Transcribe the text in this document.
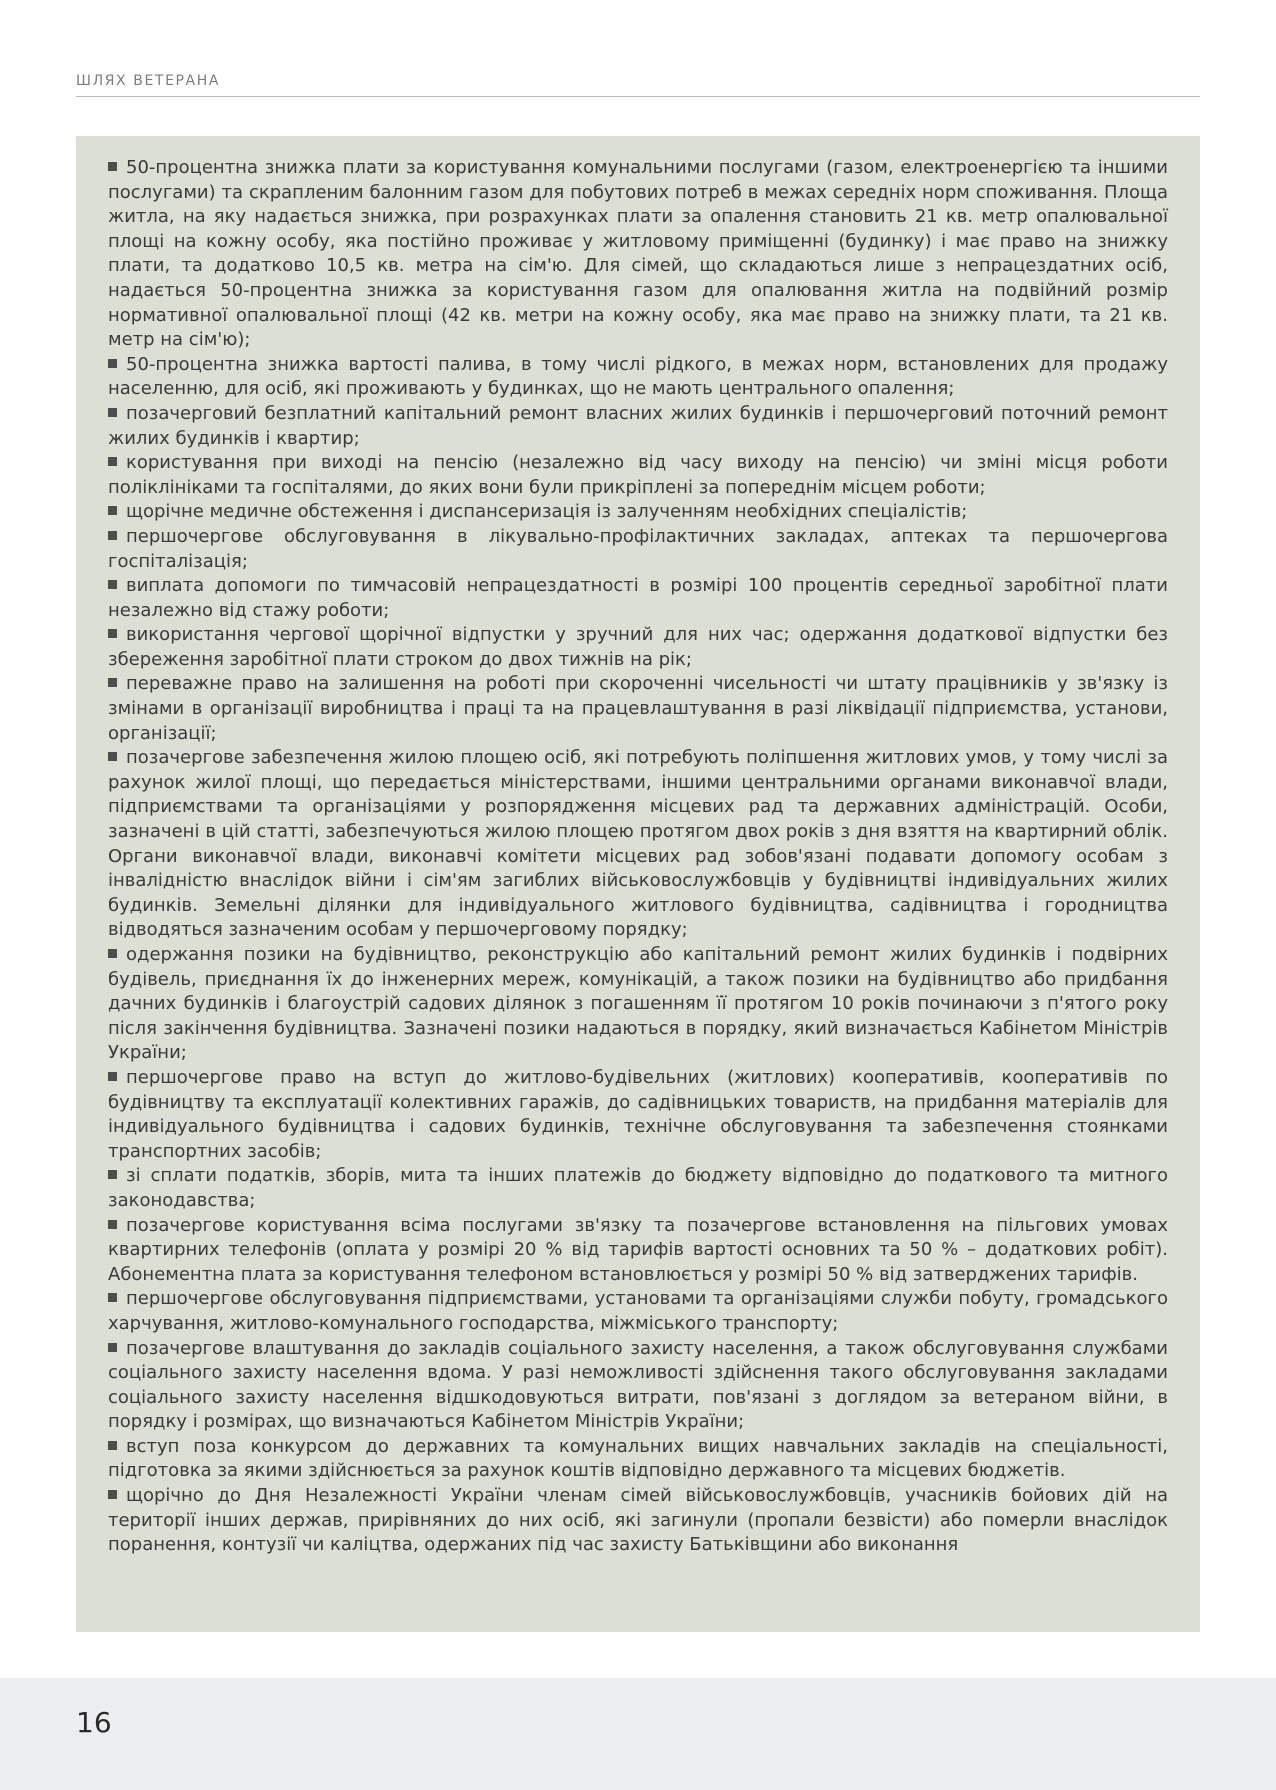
ШЛЯХ ВЕТЕРАНА
50-процентна знижка плати за користування комунальними послугами (газом, електроенергією та іншими послугами) та скрапленим балонним газом для побутових потреб в межах середніх норм споживання. Площа житла, на яку надається знижка, при розрахунках плати за опалення становить 21 кв. метр опалювальної площі на кожну особу, яка постійно проживає у житловому приміщенні (будинку) і має право на знижку плати, та додатково 10,5 кв. метра на сім'ю. Для сімей, що складаються лише з непрацездатних осіб, надається 50-процентна знижка за користування газом для опалювання житла на подвійний розмір нормативної опалювальної площі (42 кв. метри на кожну особу, яка має право на знижку плати, та 21 кв. метр на сім'ю);
50-процентна знижка вартості палива, в тому числі рідкого, в межах норм, встановлених для продажу населенню, для осіб, які проживають у будинках, що не мають центрального опалення;
позачерговий безплатний капітальний ремонт власних жилих будинків і першочерговий поточний ремонт жилих будинків і квартир;
користування при виході на пенсію (незалежно від часу виходу на пенсію) чи зміні місця роботи поліклініками та госпіталями, до яких вони були прикріплені за попереднім місцем роботи;
щорічне медичне обстеження і диспансеризація із залученням необхідних спеціалістів;
першочергове обслуговування в лікувально-профілактичних закладах, аптеках та першочергова госпіталізація;
виплата допомоги по тимчасовій непрацездатності в розмірі 100 процентів середньої заробітної плати незалежно від стажу роботи;
використання чергової щорічної відпустки у зручний для них час; одержання додаткової відпустки без збереження заробітної плати строком до двох тижнів на рік;
переважне право на залишення на роботі при скороченні чисельності чи штату працівників у зв'язку із змінами в організації виробництва і праці та на працевлаштування в разі ліквідації підприємства, установи, організації;
позачергове забезпечення жилою площею осіб, які потребують поліпшення житлових умов, у тому числі за рахунок жилої площі, що передається міністерствами, іншими центральними органами виконавчої влади, підприємствами та організаціями у розпорядження місцевих рад та державних адміністрацій. Особи, зазначені в цій статті, забезпечуються жилою площею протягом двох років з дня взяття на квартирний облік. Органи виконавчої влади, виконавчі комітети місцевих рад зобов'язані подавати допомогу особам з інвалідністю внаслідок війни і сім'ям загиблих військовослужбовців у будівництві індивідуальних жилих будинків. Земельні ділянки для індивідуального житлового будівництва, садівництва і городництва відводяться зазначеним особам у першочерговому порядку;
одержання позики на будівництво, реконструкцію або капітальний ремонт жилих будинків і подвірних будівель, приєднання їх до інженерних мереж, комунікацій, а також позики на будівництво або придбання дачних будинків і благоустрій садових ділянок з погашенням її протягом 10 років починаючи з п'ятого року після закінчення будівництва. Зазначені позики надаються в порядку, який визначається Кабінетом Міністрів України;
першочергове право на вступ до житлово-будівельних (житлових) кооперативів, кооперативів по будівництву та експлуатації колективних гаражів, до садівницьких товариств, на придбання матеріалів для індивідуального будівництва і садових будинків, технічне обслуговування та забезпечення стоянками транспортних засобів;
зі сплати податків, зборів, мита та інших платежів до бюджету відповідно до податкового та митного законодавства;
позачергове користування всіма послугами зв'язку та позачергове встановлення на пільгових умовах квартирних телефонів (оплата у розмірі 20 % від тарифів вартості основних та 50 % – додаткових робіт). Абонементна плата за користування телефоном встановлюється у розмірі 50 % від затверджених тарифів.
першочергове обслуговування підприємствами, установами та організаціями служби побуту, громадського харчування, житлово-комунального господарства, міжміського транспорту;
позачергове влаштування до закладів соціального захисту населення, а також обслуговування службами соціального захисту населення вдома. У разі неможливості здійснення такого обслуговування закладами соціального захисту населення відшкодовуються витрати, пов'язані з доглядом за ветераном війни, в порядку і розмірах, що визначаються Кабінетом Міністрів України;
вступ поза конкурсом до державних та комунальних вищих навчальних закладів на спеціальності, підготовка за якими здійснюється за рахунок коштів відповідно державного та місцевих бюджетів.
щорічно до Дня Незалежності України членам сімей військовослужбовців, учасників бойових дій на території інших держав, прирівняних до них осіб, які загинули (пропали безвісти) або померли внаслідок поранення, контузії чи каліцтва, одержаних під час захисту Батьківщини або виконання
16
